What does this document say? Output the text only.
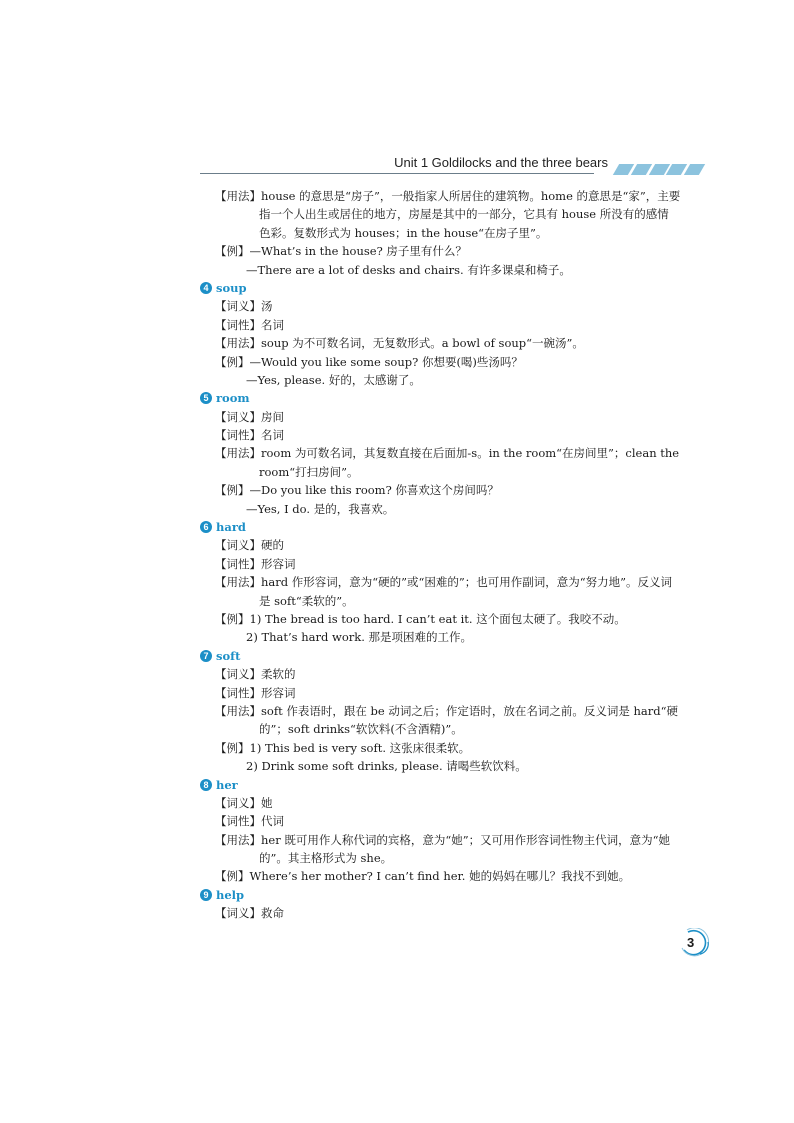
Unit 1 Goldilocks and the three bears
【用法】house 的意思是“房子”，一般指家人所居住的建筑物。home 的意思是“家”，主要
指一个人出生或居住的地方，房屋是其中的一部分，它具有 house 所没有的感情
色彩。复数形式为 houses；in the house“在房子里”。
【例】—What’s in the house? 房子里有什么？
—There are a lot of desks and chairs. 有许多课桌和椅子。
4 soup
【词义】汤
【词性】名词
【用法】soup 为不可数名词，无复数形式。a bowl of soup“一碗汤”。
【例】—Would you like some soup? 你想要(喝)些汤吗？
—Yes, please. 好的，太感谢了。
5 room
【词义】房间
【词性】名词
【用法】room 为可数名词，其复数直接在后面加-s。in the room“在房间里”；clean the
room“打扫房间”。
【例】—Do you like this room? 你喜欢这个房间吗？
—Yes, I do. 是的，我喜欢。
6 hard
【词义】硬的
【词性】形容词
【用法】hard 作形容词，意为“硬的”或“困难的”；也可用作副词，意为“努力地”。反义词
是 soft“柔软的”。
【例】1) The bread is too hard. I can’t eat it. 这个面包太硬了。我咬不动。
2) That’s hard work. 那是项困难的工作。
7 soft
【词义】柔软的
【词性】形容词
【用法】soft 作表语时，跟在 be 动词之后；作定语时，放在名词之前。反义词是 hard“硬
的”；soft drinks“软饮料(不含酒精)”。
【例】1) This bed is very soft. 这张床很柔软。
2) Drink some soft drinks, please. 请喝些软饮料。
8 her
【词义】她
【词性】代词
【用法】her 既可用作人称代词的宾格，意为“她”；又可用作形容词性物主代词，意为“她
的”。其主格形式为 she。
【例】Where’s her mother? I can’t find her. 她的妈妈在哪儿？我找不到她。
9 help
【词义】救命
3
